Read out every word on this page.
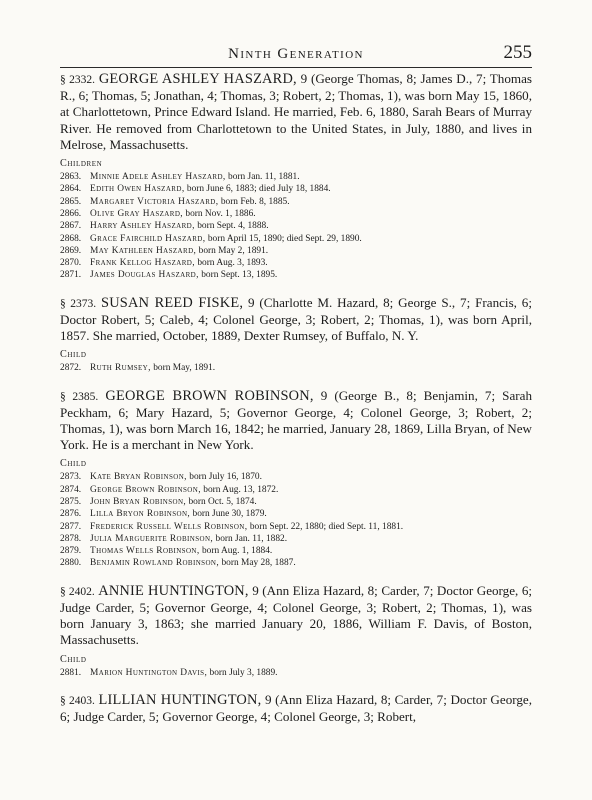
Ninth Generation	255

§ 2332. GEORGE ASHLEY HASZARD, 9 (George Thomas, 8; James D., 7; Thomas R., 6; Thomas, 5; Jonathan, 4; Thomas, 3; Robert, 2; Thomas, 1), was born May 15, 1860, at Charlottetown, Prince Edward Island. He married, Feb. 6, 1880, Sarah Bears of Murray River. He removed from Charlottetown to the United States, in July, 1880, and lives in Melrose, Massachusetts.

Children
2863. Minnie Adele Ashley Haszard, born Jan. 11, 1881.
2864. Edith Owen Haszard, born June 6, 1883; died July 18, 1884.
2865. Margaret Victoria Haszard, born Feb. 8, 1885.
2866. Olive Gray Haszard, born Nov. 1, 1886.
2867. Harry Ashley Haszard, born Sept. 4, 1888.
2868. Grace Fairchild Haszard, born April 15, 1890; died Sept. 29, 1890.
2869. May Kathleen Haszard, born May 2, 1891.
2870. Frank Kellog Haszard, born Aug. 3, 1893.
2871. James Douglas Haszard, born Sept. 13, 1895.

§ 2373. SUSAN REED FISKE, 9 (Charlotte M. Hazard, 8; George S., 7; Francis, 6; Doctor Robert, 5; Caleb, 4; Colonel George, 3; Robert, 2; Thomas, 1), was born April, 1857. She married, October, 1889, Dexter Rumsey, of Buffalo, N. Y.

Child
2872. Ruth Rumsey, born May, 1891.

§ 2385. GEORGE BROWN ROBINSON, 9 (George B., 8; Benjamin, 7; Sarah Peckham, 6; Mary Hazard, 5; Governor George, 4; Colonel George, 3; Robert, 2; Thomas, 1), was born March 16, 1842; he married, January 28, 1869, Lilla Bryan, of New York. He is a merchant in New York.

Child
2873. Kate Bryan Robinson, born July 16, 1870.
2874. George Brown Robinson, born Aug. 13, 1872.
2875. John Bryan Robinson, born Oct. 5, 1874.
2876. Lilla Bryon Robinson, born June 30, 1879.
2877. Frederick Russell Wells Robinson, born Sept. 22, 1880; died Sept. 11, 1881.
2878. Julia Marguerite Robinson, born Jan. 11, 1882.
2879. Thomas Wells Robinson, born Aug. 1, 1884.
2880. Benjamin Rowland Robinson, born May 28, 1887.

§ 2402. ANNIE HUNTINGTON, 9 (Ann Eliza Hazard, 8; Carder, 7; Doctor George, 6; Judge Carder, 5; Governor George, 4; Colonel George, 3; Robert, 2; Thomas, 1), was born January 3, 1863; she married January 20, 1886, William F. Davis, of Boston, Massachusetts.

Child
2881. Marion Huntington Davis, born July 3, 1889.

§ 2403. LILLIAN HUNTINGTON, 9 (Ann Eliza Hazard, 8; Carder, 7; Doctor George, 6; Judge Carder, 5; Governor George, 4; Colonel George, 3; Robert,
